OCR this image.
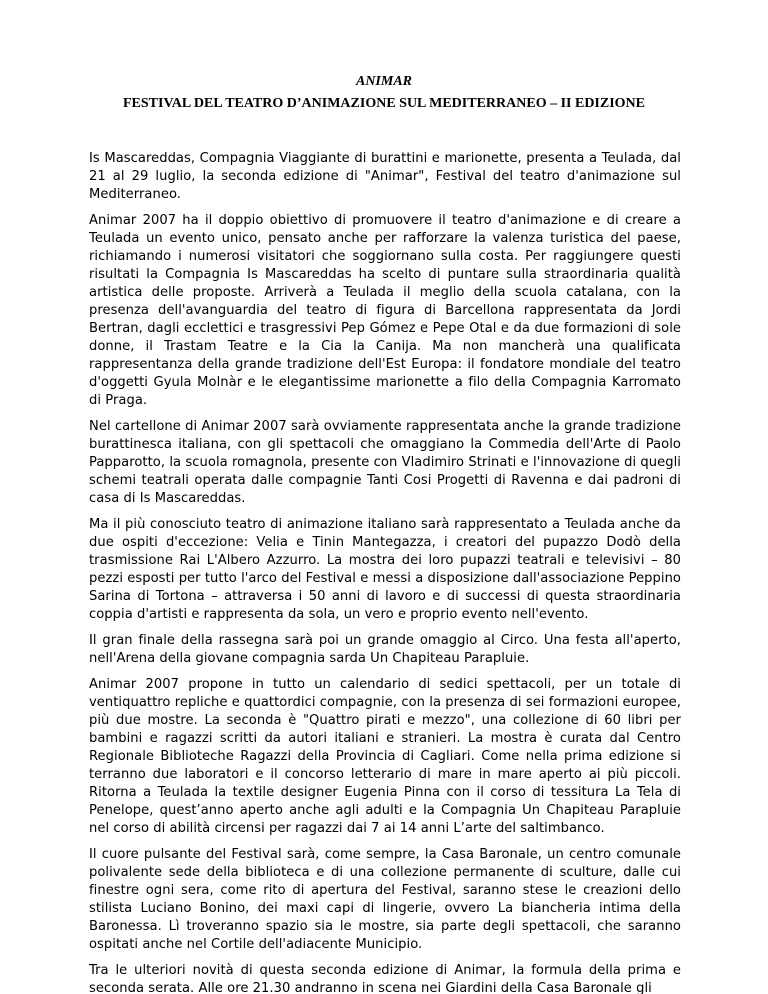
ANIMAR
FESTIVAL DEL TEATRO D’ANIMAZIONE SUL MEDITERRANEO – II EDIZIONE

Is Mascareddas, Compagnia Viaggiante di burattini e marionette, presenta a Teulada, dal 21 al 29 luglio, la seconda edizione di "Animar", Festival del teatro d'animazione sul Mediterraneo.

Animar 2007 ha il doppio obiettivo di promuovere il teatro d'animazione e di creare a Teulada un evento unico, pensato anche per rafforzare la valenza turistica del paese, richiamando i numerosi visitatori che soggiornano sulla costa. Per raggiungere questi risultati la Compagnia Is Mascareddas ha scelto di puntare sulla straordinaria qualità artistica delle proposte. Arriverà a Teulada il meglio della scuola catalana, con la presenza dell'avanguardia del teatro di figura di Barcellona rappresentata da Jordi Bertran, dagli ecclettici e trasgressivi Pep Gómez e Pepe Otal e da due formazioni di sole donne, il Trastam Teatre e la Cia la Canija. Ma non mancherà una qualificata rappresentanza della grande tradizione dell'Est Europa: il fondatore mondiale del teatro d'oggetti Gyula Molnàr e le elegantissime marionette a filo della Compagnia Karromato di Praga.

Nel cartellone di Animar 2007 sarà ovviamente rappresentata anche la grande tradizione burattinesca italiana, con gli spettacoli che omaggiano la Commedia dell'Arte di Paolo Papparotto, la scuola romagnola, presente con Vladimiro Strinati e l'innovazione di quegli schemi teatrali operata dalle compagnie Tanti Cosi Progetti di Ravenna e dai padroni di casa di Is Mascareddas.

Ma il più conosciuto teatro di animazione italiano sarà rappresentato a Teulada anche da due ospiti d'eccezione: Velia e Tinin Mantegazza, i creatori del pupazzo Dodò della trasmissione Rai L'Albero Azzurro. La mostra dei loro pupazzi teatrali e televisivi – 80 pezzi esposti per tutto l'arco del Festival e messi a disposizione dall'associazione Peppino Sarina di Tortona – attraversa i 50 anni di lavoro e di successi di questa straordinaria coppia d'artisti e rappresenta da sola, un vero e proprio evento nell'evento.

Il gran finale della rassegna sarà poi un grande omaggio al Circo. Una festa all'aperto, nell'Arena della giovane compagnia sarda Un Chapiteau Parapluie.

Animar 2007 propone in tutto un calendario di sedici spettacoli, per un totale di ventiquattro repliche e quattordici compagnie, con la presenza di sei formazioni europee, più due mostre. La seconda è "Quattro pirati e mezzo", una collezione di 60 libri per bambini e ragazzi scritti da autori italiani e stranieri. La mostra è curata dal Centro Regionale Biblioteche Ragazzi della Provincia di Cagliari. Come nella prima edizione si terranno due laboratori e il concorso letterario di mare in mare aperto ai più piccoli. Ritorna a Teulada la textile designer Eugenia Pinna con il corso di tessitura La Tela di Penelope, quest’anno aperto anche agli adulti e la Compagnia Un Chapiteau Parapluie nel corso di abilità circensi per ragazzi dai 7 ai 14 anni L’arte del saltimbanco.

Il cuore pulsante del Festival sarà, come sempre, la Casa Baronale, un centro comunale polivalente sede della biblioteca e di una collezione permanente di sculture, dalle cui finestre ogni sera, come rito di apertura del Festival, saranno stese le creazioni dello stilista Luciano Bonino, dei maxi capi di lingerie, ovvero La biancheria intima della Baronessa. Lì troveranno spazio sia le mostre, sia parte degli spettacoli, che saranno ospitati anche nel Cortile dell'adiacente Municipio.

Tra le ulteriori novità di questa seconda edizione di Animar, la formula della prima e seconda serata. Alle ore 21.30 andranno in scena nei Giardini della Casa Baronale gli
